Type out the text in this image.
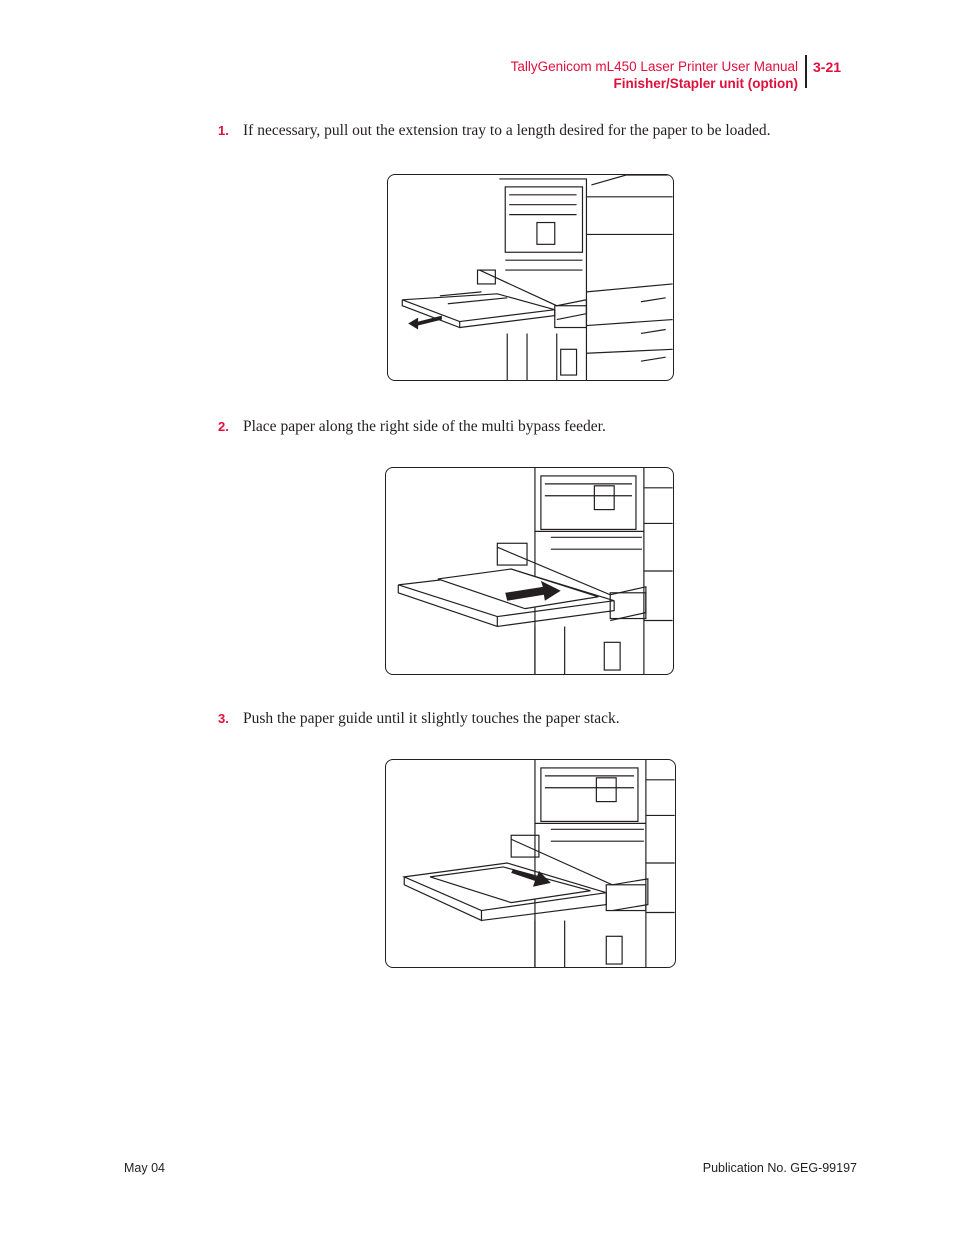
TallyGenicom mL450 Laser Printer User Manual
Finisher/Stapler unit (option)
3-21
1. If necessary, pull out the extension tray to a length desired for the paper to be loaded.
2. Place paper along the right side of the multi bypass feeder.
3. Push the paper guide until it slightly touches the paper stack.
May 04	Publication No. GEG-99197
